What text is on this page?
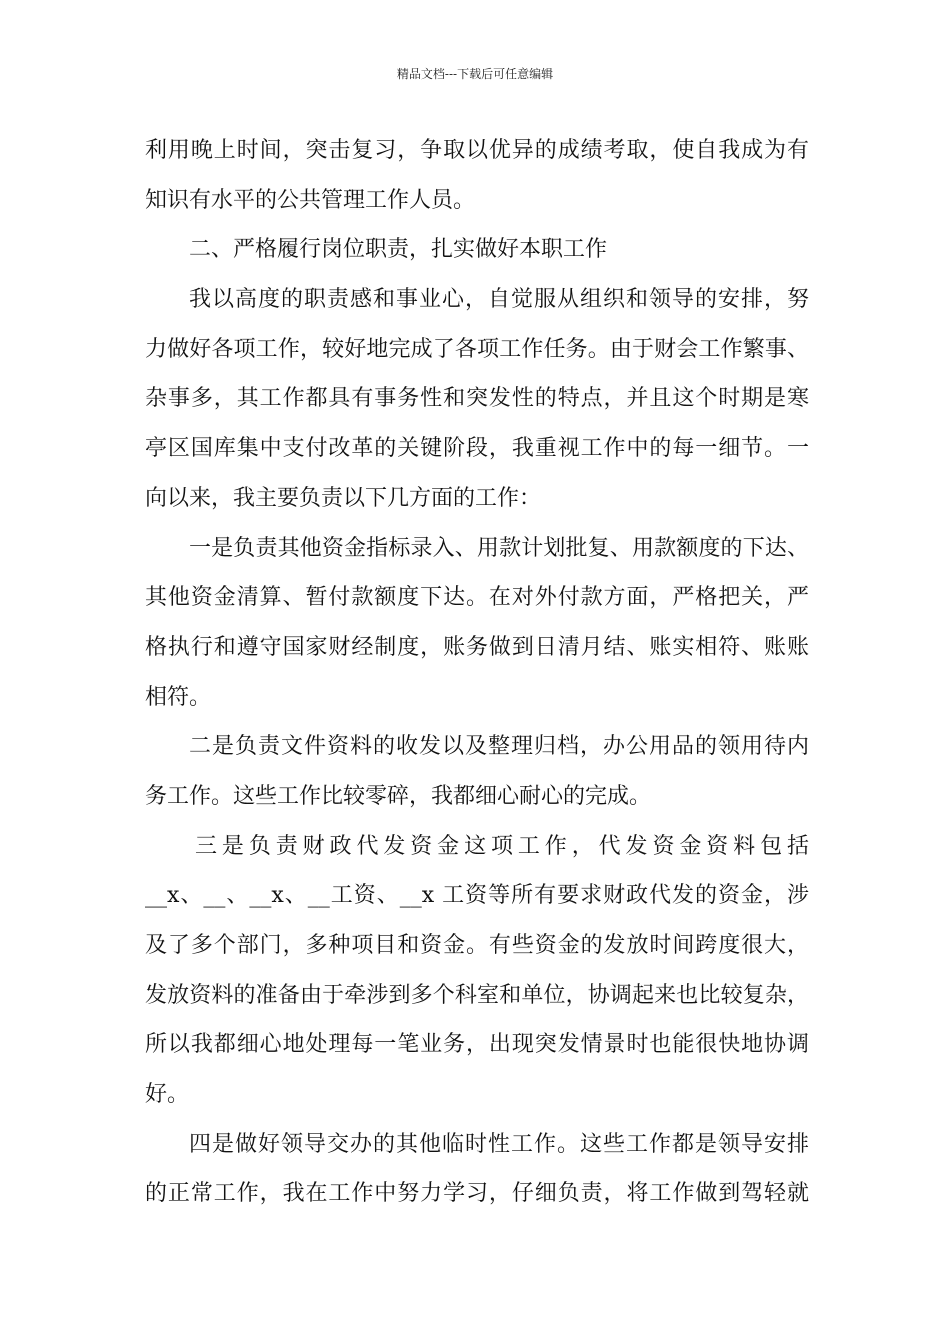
精品文档---下载后可任意编辑
利用晚上时间，突击复习，争取以优异的成绩考取，使自我成为有
知识有水平的公共管理工作人员。
二、严格履行岗位职责，扎实做好本职工作
我以高度的职责感和事业心，自觉服从组织和领导的安排，努
力做好各项工作，较好地完成了各项工作任务。由于财会工作繁事、
杂事多，其工作都具有事务性和突发性的特点，并且这个时期是寒
亭区国库集中支付改革的关键阶段，我重视工作中的每一细节。一
向以来，我主要负责以下几方面的工作：
一是负责其他资金指标录入、用款计划批复、用款额度的下达、
其他资金清算、暂付款额度下达。在对外付款方面，严格把关，严
格执行和遵守国家财经制度，账务做到日清月结、账实相符、账账
相符。
二是负责文件资料的收发以及整理归档，办公用品的领用待内
务工作。这些工作比较零碎，我都细心耐心的完成。
三是负责财政代发资金这项工作，代发资金资料包括
__x、__、__x、__工资、__x 工资等所有要求财政代发的资金，涉
及了多个部门，多种项目和资金。有些资金的发放时间跨度很大，
发放资料的准备由于牵涉到多个科室和单位，协调起来也比较复杂，
所以我都细心地处理每一笔业务，出现突发情景时也能很快地协调
好。
四是做好领导交办的其他临时性工作。这些工作都是领导安排
的正常工作，我在工作中努力学习，仔细负责，将工作做到驾轻就
